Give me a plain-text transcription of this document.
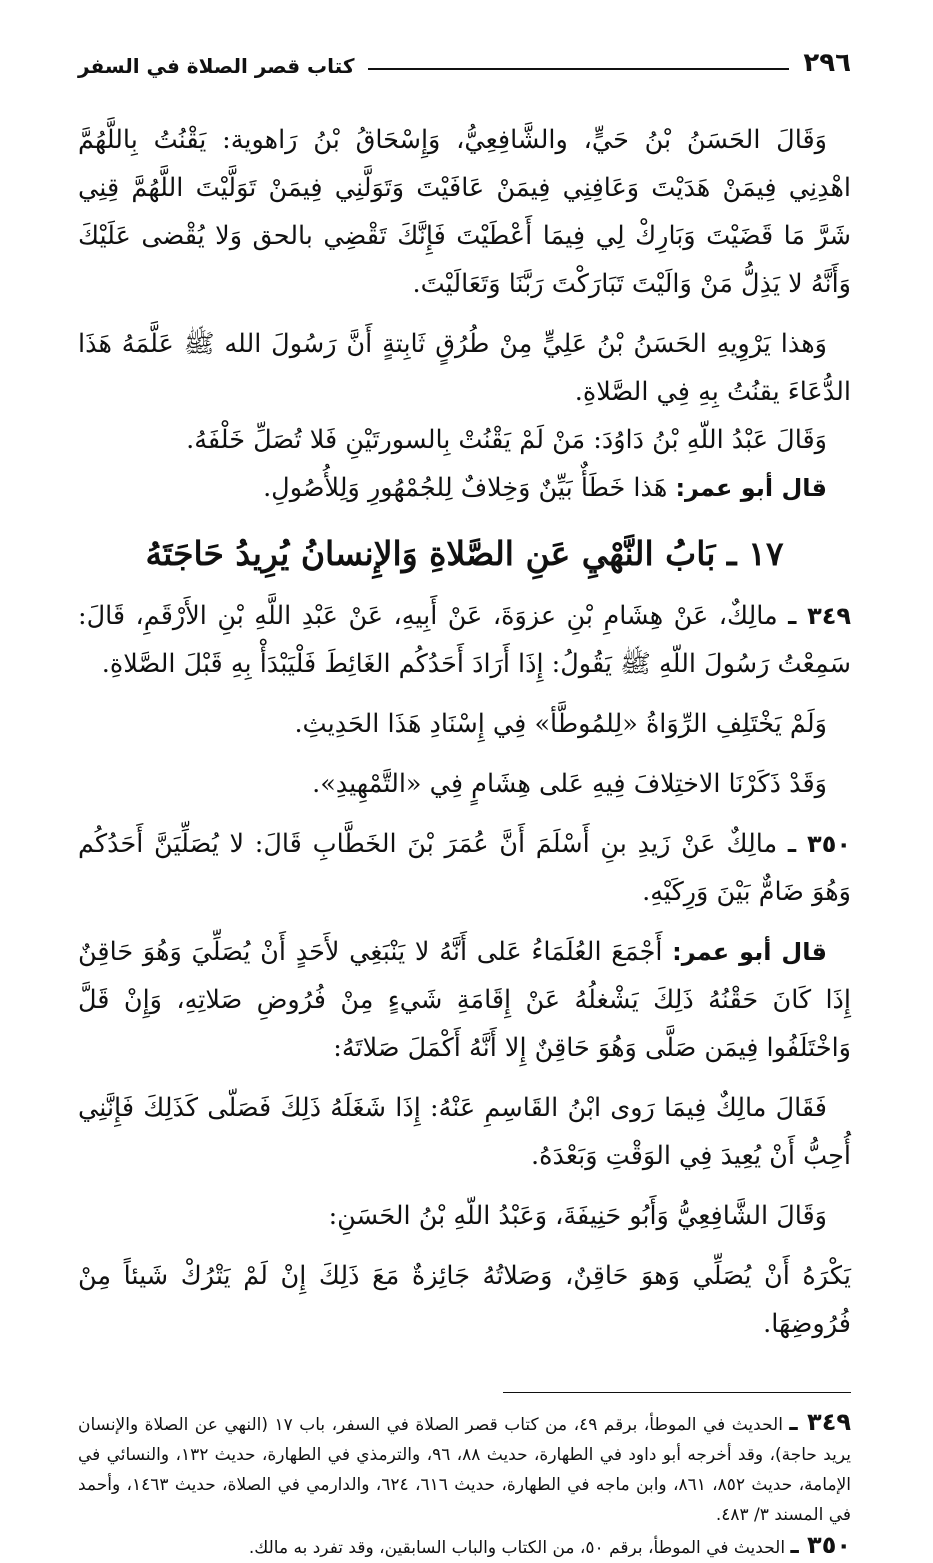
٢٩٦
كتاب قصر الصلاة في السفر

وَقَالَ الحَسَنُ بْنُ حَيٍّ، والشَّافِعِيُّ، وَإِسْحَاقُ بْنُ رَاهوية: يَقْنُتُ بِاللَّهُمَّ اهْدِنِي فِيمَنْ هَدَيْتَ وَعَافِنِي فِيمَنْ عَافَيْتَ وَتَوَلَّنِي فِيمَنْ تَوَلَّيْتَ اللَّهُمَّ قِنِي شَرَّ مَا قَضَيْتَ وَبَارِكْ لِي فِيمَا أَعْطَيْتَ فَإِنَّكَ تَقْضِي بالحق وَلا يُقْضى عَلَيْكَ وَأَنَّهُ لا يَذِلُّ مَنْ وَالَيْتَ تَبَارَكْتَ رَبَّنَا وَتَعَالَيْتَ.

وَهذا يَرْوِيهِ الحَسَنُ بْنُ عَلِيٍّ مِنْ طُرُقٍ ثَابِتةٍ أَنَّ رَسُولَ الله ﷺ عَلَّمَهُ هَذَا الدُّعَاءَ يقنُتُ بِهِ فِي الصَّلاةِ.

وَقَالَ عَبْدُ اللّهِ بْنُ دَاوُدَ: مَنْ لَمْ يَقْنُتْ بِالسورتَيْنِ فَلا تُصَلِّ خَلْفَهُ.

قال أبو عمر: هَذا خَطَأٌ بَيِّنٌ وَخِلافٌ لِلجُمْهُورِ وَلِلأُصُولِ.

١٧ ـ بَابُ النَّهْيِ عَنِ الصَّلاةِ وَالإِنسانُ يُرِيدُ حَاجَتَهُ

٣٤٩ ـ مالِكٌ، عَنْ هِشَامِ بْنِ عزوَةَ، عَنْ أَبِيهِ، عَنْ عَبْدِ اللَّهِ بْنِ الأَرْقَمِ، قَالَ: سَمِعْتُ رَسُولَ اللّهِ ﷺ يَقُولُ: إِذَا أَرَادَ أَحَدُكُم الغَائِطَ فَلْيَبْدَأْ بِهِ قَبْلَ الصَّلاةِ.

وَلَمْ يَخْتَلِفِ الرِّوَاةُ «لِلمُوطَّأ» فِي إِسْنَادِ هَذَا الحَدِيثِ.

وَقَدْ ذَكَرْنَا الاختِلافَ فِيهِ عَلى هِشَامٍ فِي «التَّمْهِيدِ».

٣٥٠ ـ مالِكٌ عَنْ زَيدِ بنِ أَسْلَمَ أَنَّ عُمَرَ بْنَ الخَطَّابِ قَالَ: لا يُصَلِّيَنَّ أَحَدُكُم وَهُوَ ضَامٌّ بَيْنَ وَرِكَيْهِ.

قال أبو عمر: أَجْمَعَ العُلَمَاءُ عَلى أَنَّهُ لا يَنْبَغِي لأَحَدٍ أَنْ يُصَلِّيَ وَهُوَ حَاقِنٌ إِذَا كَانَ حَقْنُهُ ذَلِكَ يَشْغلُهُ عَنْ إِقَامَةِ شَيءٍ مِنْ فُرُوضِ صَلاتِهِ، وَإِنْ قَلَّ وَاخْتَلَفُوا فِيمَن صَلَّى وَهُوَ حَاقِنٌ إِلا أَنَّهُ أَكْمَلَ صَلاتَهُ:

فَقَالَ مالِكٌ فِيمَا رَوى ابْنُ القَاسِمِ عَنْهُ: إِذَا شَغَلَهُ ذَلِكَ فَصَلّى كَذَلِكَ فَإِنَّنِي أُحِبُّ أَنْ يُعِيدَ فِي الوَقْتِ وَبَعْدَهُ.

وَقَالَ الشَّافِعِيُّ وَأَبُو حَنِيفَةَ، وَعَبْدُ اللّهِ بْنُ الحَسَنِ:

يَكْرَهُ أَنْ يُصَلِّي وَهوَ حَاقِنٌ، وَصَلاتُهُ جَائِزةٌ مَعَ ذَلِكَ إِنْ لَمْ يَتْرُكْ شَيئاً مِنْ فُرُوضِهَا.

٣٤٩ ـ الحديث في الموطأ، برقم ٤٩، من كتاب قصر الصلاة في السفر، باب ١٧ (النهي عن الصلاة والإنسان يريد حاجة)، وقد أخرجه أبو داود في الطهارة، حديث ٨٨، ٩٦، والترمذي في الطهارة، حديث ١٣٢، والنسائي في الإمامة، حديث ٨٥٢، ٨٦١، وابن ماجه في الطهارة، حديث ٦١٦، ٦٢٤، والدارمي في الصلاة، حديث ١٤٦٣، وأحمد في المسند ٣/ ٤٨٣.

٣٥٠ ـ الحديث في الموطأ، برقم ٥٠، من الكتاب والباب السابقين، وقد تفرد به مالك.
